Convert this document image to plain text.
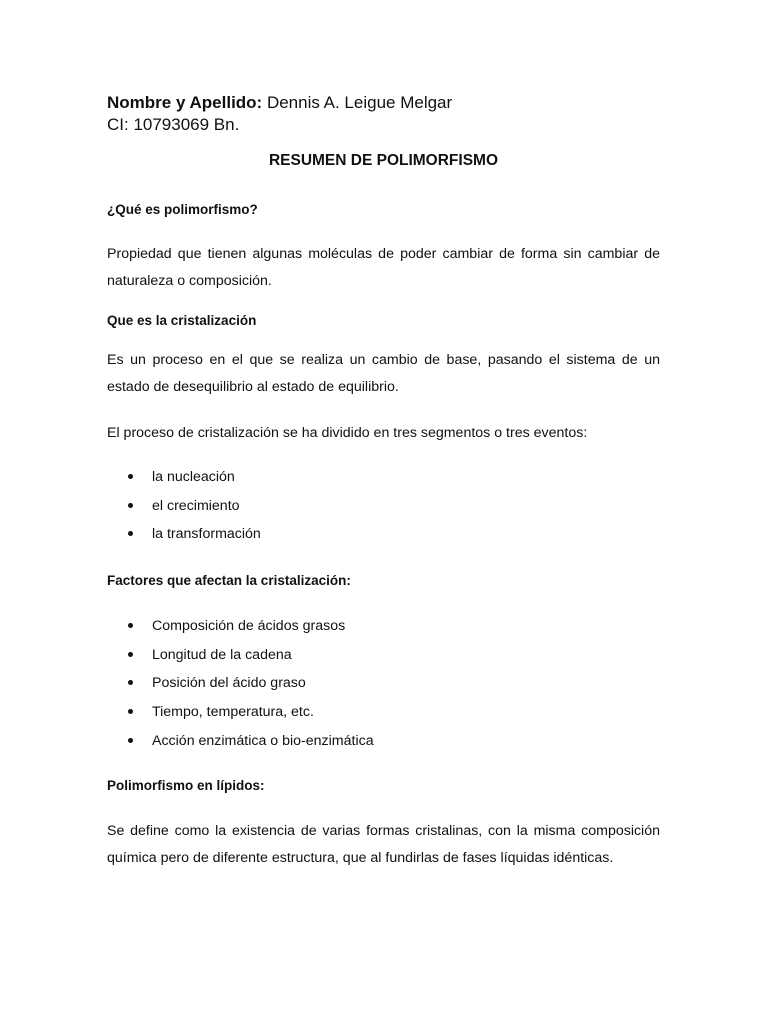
Nombre y Apellido: Dennis A. Leigue Melgar
CI: 10793069 Bn.
RESUMEN DE POLIMORFISMO
¿Qué es polimorfismo?
Propiedad que tienen algunas moléculas de poder cambiar de forma sin cambiar de naturaleza o composición.
Que es la cristalización
Es un proceso en el que se realiza un cambio de base, pasando el sistema de un estado de desequilibrio al estado de equilibrio.
El proceso de cristalización se ha dividido en tres segmentos o tres eventos:
la nucleación
el crecimiento
la transformación
Factores que afectan la cristalización:
Composición de ácidos grasos
Longitud de la cadena
Posición del ácido graso
Tiempo, temperatura, etc.
Acción enzimática o bio-enzimática
Polimorfismo en lípidos:
Se define como la existencia de varias formas cristalinas, con la misma composición química pero de diferente estructura, que al fundirlas de fases líquidas idénticas.
